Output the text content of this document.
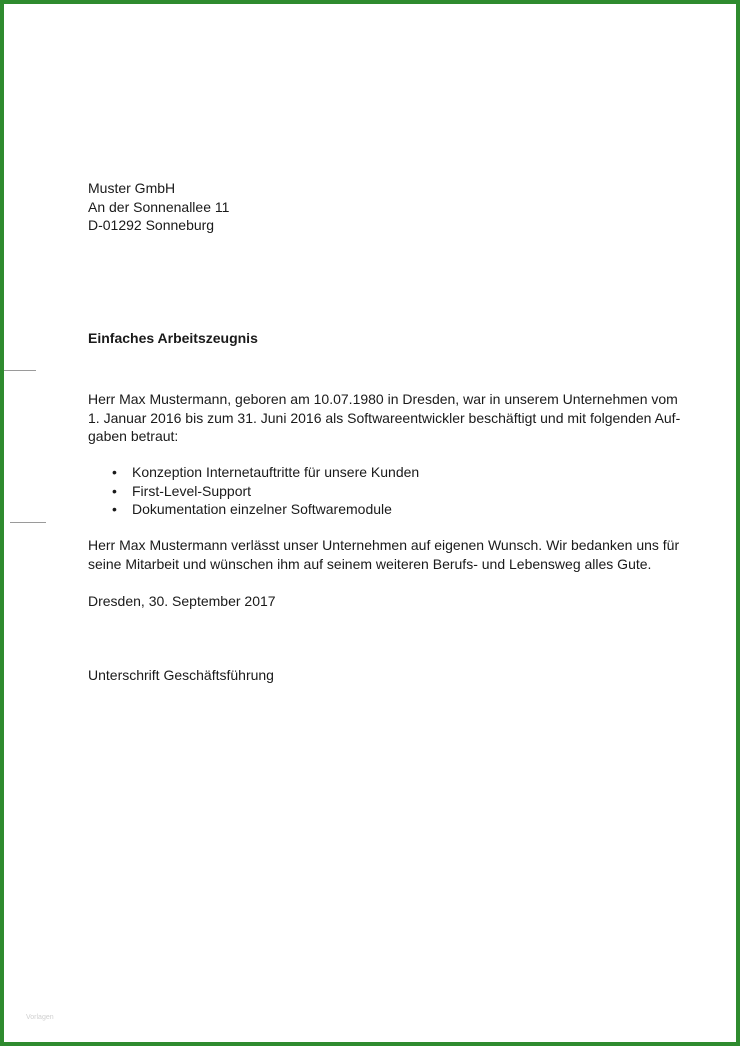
Muster GmbH
An der Sonnenallee 11
D-01292 Sonneburg
Einfaches Arbeitszeugnis
Herr Max Mustermann, geboren am 10.07.1980 in Dresden, war in unserem Unternehmen vom
1. Januar 2016 bis zum 31. Juni 2016 als Softwareentwickler beschäftigt und mit folgenden Auf-
gaben betraut:
• Konzeption Internetauftritte für unsere Kunden
• First-Level-Support
• Dokumentation einzelner Softwaremodule
Herr Max Mustermann verlässt unser Unternehmen auf eigenen Wunsch. Wir bedanken uns für
seine Mitarbeit und wünschen ihm auf seinem weiteren Berufs- und Lebensweg alles Gute.
Dresden, 30. September 2017
Unterschrift Geschäftsführung
Vorlagen
